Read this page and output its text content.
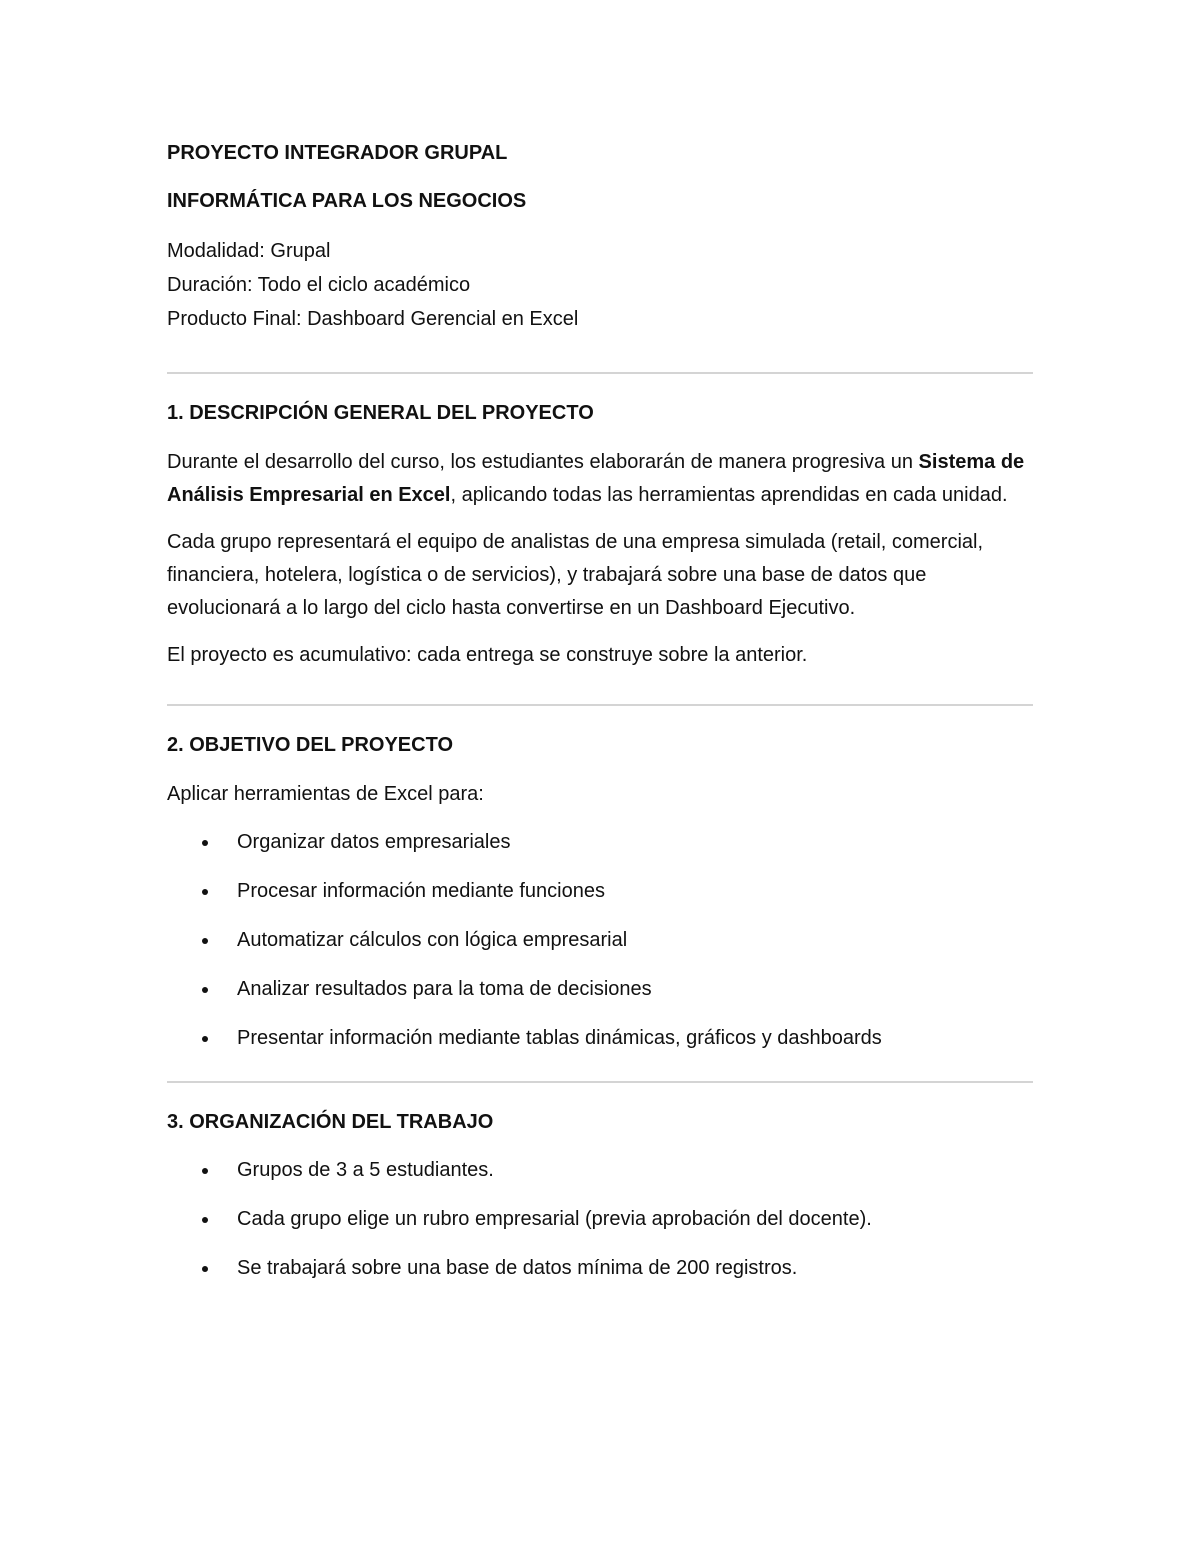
PROYECTO INTEGRADOR GRUPAL
INFORMÁTICA PARA LOS NEGOCIOS
Modalidad: Grupal
Duración: Todo el ciclo académico
Producto Final: Dashboard Gerencial en Excel
1. DESCRIPCIÓN GENERAL DEL PROYECTO

Durante el desarrollo del curso, los estudiantes elaborarán de manera progresiva un Sistema de Análisis Empresarial en Excel, aplicando todas las herramientas aprendidas en cada unidad.

Cada grupo representará el equipo de analistas de una empresa simulada (retail, comercial, financiera, hotelera, logística o de servicios), y trabajará sobre una base de datos que evolucionará a lo largo del ciclo hasta convertirse en un Dashboard Ejecutivo.

El proyecto es acumulativo: cada entrega se construye sobre la anterior.

2. OBJETIVO DEL PROYECTO

Aplicar herramientas de Excel para:

Organizar datos empresariales
Procesar información mediante funciones
Automatizar cálculos con lógica empresarial
Analizar resultados para la toma de decisiones
Presentar información mediante tablas dinámicas, gráficos y dashboards
3. ORGANIZACIÓN DEL TRABAJO
Grupos de 3 a 5 estudiantes.
Cada grupo elige un rubro empresarial (previa aprobación del docente).
Se trabajará sobre una base de datos mínima de 200 registros.
